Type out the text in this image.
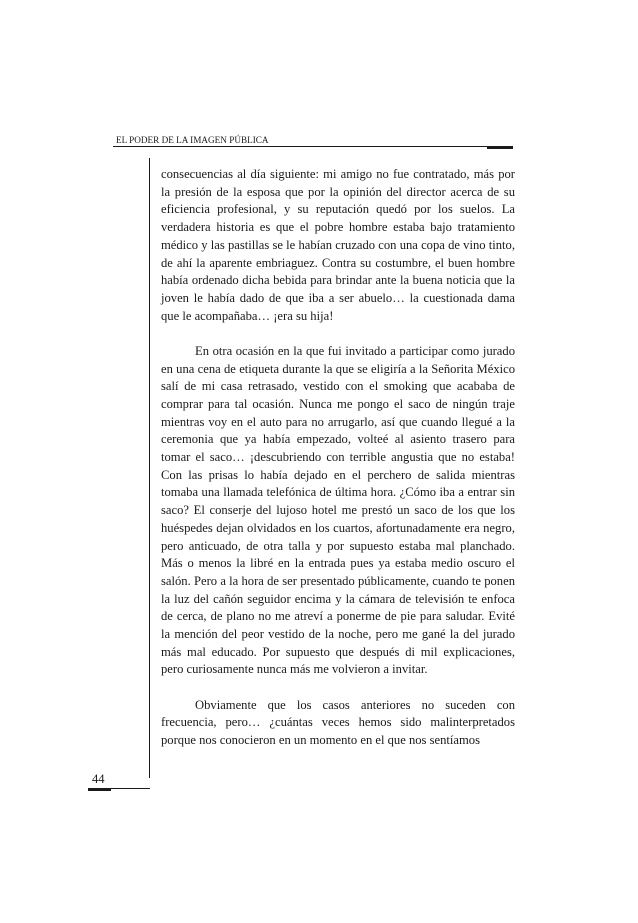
EL PODER DE LA IMAGEN PÚBLICA

consecuencias al día siguiente: mi amigo no fue contratado, más por la presión de la esposa que por la opinión del director acerca de su eficiencia profesional, y su reputación quedó por los suelos. La verdadera historia es que el pobre hombre estaba bajo tratamiento médico y las pastillas se le habían cruzado con una copa de vino tinto, de ahí la aparente embriaguez. Contra su costumbre, el buen hombre había ordenado dicha bebida para brindar ante la buena noticia que la joven le había dado de que iba a ser abuelo… la cuestionada dama que le acompañaba… ¡era su hija!

En otra ocasión en la que fui invitado a participar como jurado en una cena de etiqueta durante la que se eligiría a la Señorita México salí de mi casa retrasado, vestido con el smoking que acababa de comprar para tal ocasión. Nunca me pongo el saco de ningún traje mientras voy en el auto para no arrugarlo, así que cuando llegué a la ceremonia que ya había empezado, volteé al asiento trasero para tomar el saco… ¡descubriendo con terrible angustia que no estaba! Con las prisas lo había dejado en el perchero de salida mientras tomaba una llamada telefónica de última hora. ¿Cómo iba a entrar sin saco? El conserje del lujoso hotel me prestó un saco de los que los huéspedes dejan olvidados en los cuartos, afortunadamente era negro, pero anticuado, de otra talla y por supuesto estaba mal planchado. Más o menos la libré en la entrada pues ya estaba medio oscuro el salón. Pero a la hora de ser presentado públicamente, cuando te ponen la luz del cañón seguidor encima y la cámara de televisión te enfoca de cerca, de plano no me atreví a ponerme de pie para saludar. Evité la mención del peor vestido de la noche, pero me gané la del jurado más mal educado. Por supuesto que después di mil explicaciones, pero curiosamente nunca más me volvieron a invitar.

Obviamente que los casos anteriores no suceden con frecuencia, pero… ¿cuántas veces hemos sido malinterpretados porque nos conocieron en un momento en el que nos sentíamos

44
